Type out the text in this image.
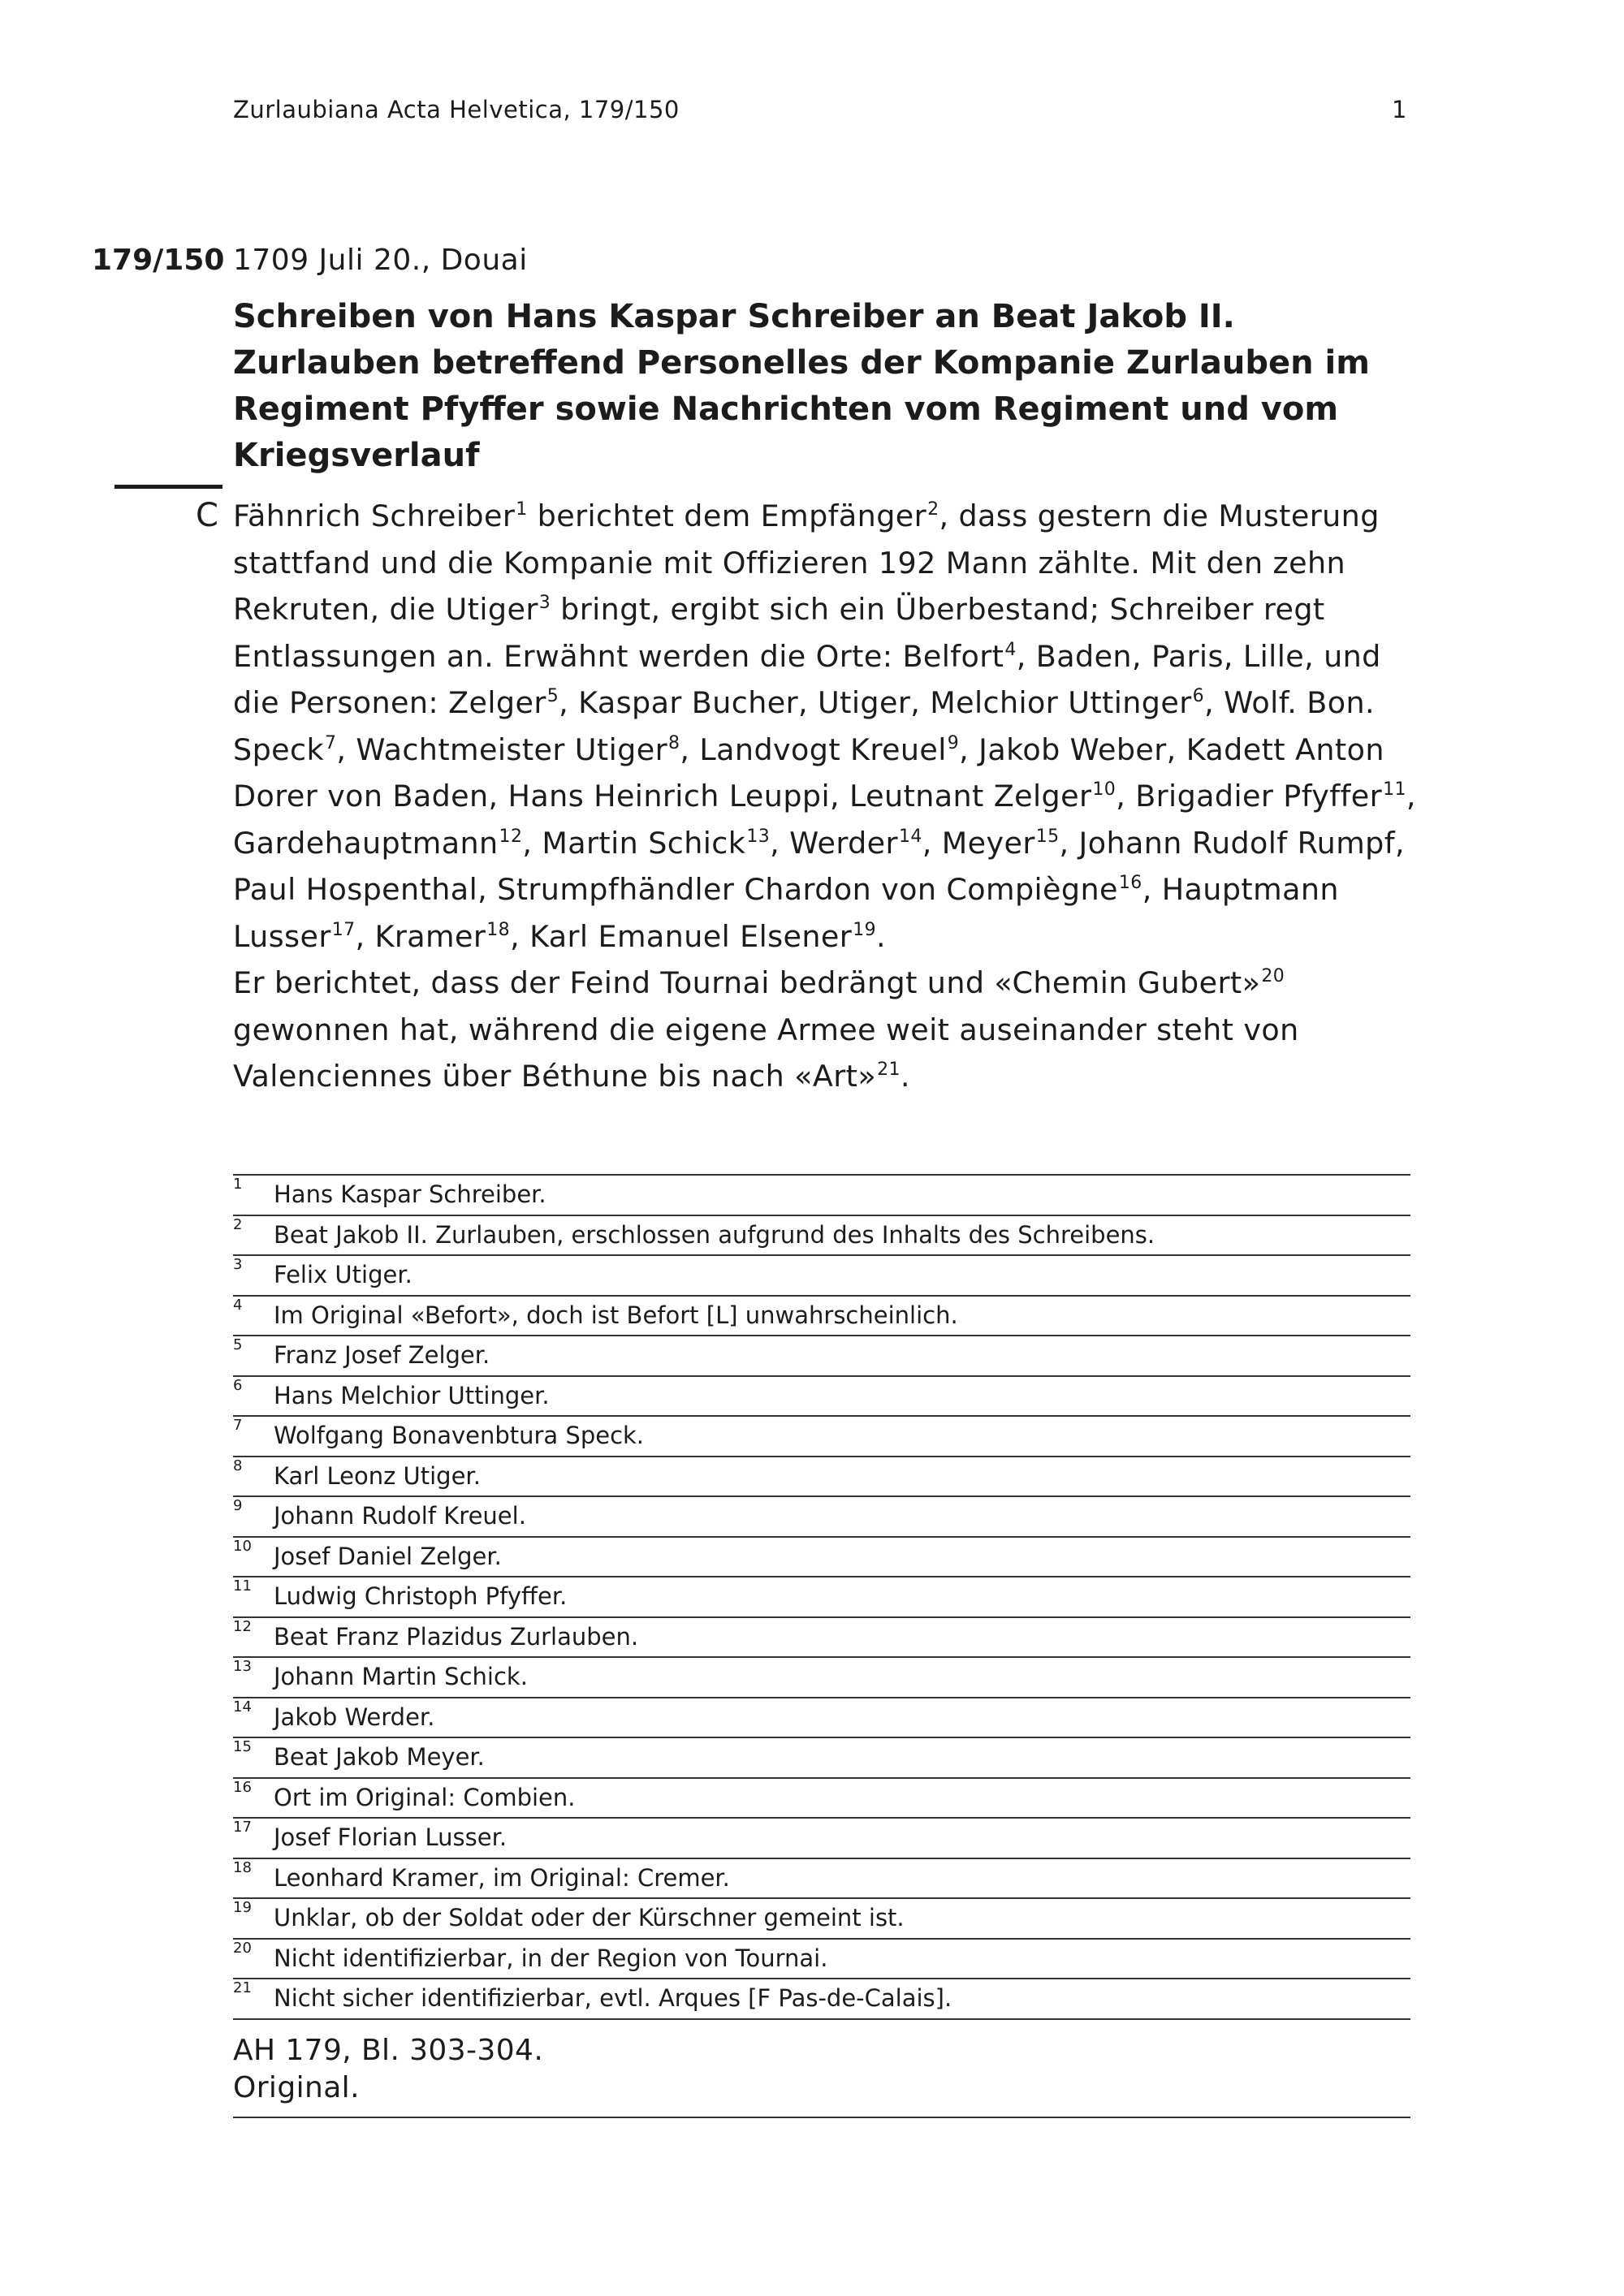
Zurlaubiana Acta Helvetica, 179/150	1
179/150 1709 Juli 20., Douai
Schreiben von Hans Kaspar Schreiber an Beat Jakob II. Zurlauben betreffend Personelles der Kompanie Zurlauben im Regiment Pfyffer sowie Nachrichten vom Regiment und vom Kriegsverlauf
C Fähnrich Schreiber$^1$ berichtet dem Empfänger$^2$, dass gestern die Musterung stattfand und die Kompanie mit Offizieren 192 Mann zählte. Mit den zehn Rekruten, die Utiger$^3$ bringt, ergibt sich ein Überbestand; Schreiber regt Entlassungen an. Erwähnt werden die Orte: Belfort$^4$, Baden, Paris, Lille, und die Personen: Zelger$^5$, Kaspar Bucher, Utiger, Melchior Uttinger$^6$, Wolf. Bon. Speck$^7$, Wachtmeister Utiger$^8$, Landvogt Kreuel$^9$, Jakob Weber, Kadett Anton Dorer von Baden, Hans Heinrich Leuppi, Leutnant Zelger$^{10}$, Brigadier Pfyffer$^{11}$, Gardehauptmann$^{12}$, Martin Schick$^{13}$, Werder$^{14}$, Meyer$^{15}$, Johann Rudolf Rumpf, Paul Hospenthal, Strumpfhändler Chardon von Compiègne$^{16}$, Hauptmann Lusser$^{17}$, Kramer$^{18}$, Karl Emanuel Elsener$^{19}$.

Er berichtet, dass der Feind Tournai bedrängt und «Chemin Gubert»$^{20}$ gewonnen hat, während die eigene Armee weit auseinander steht von Valenciennes über Béthune bis nach «Art»$^{21}$.

1 Hans Kaspar Schreiber.
2 Beat Jakob II. Zurlauben, erschlossen aufgrund des Inhalts des Schreibens.
3 Felix Utiger.
4 Im Original «Befort», doch ist Befort [L] unwahrscheinlich.
5 Franz Josef Zelger.
6 Hans Melchior Uttinger.
7 Wolfgang Bonavenbtura Speck.
8 Karl Leonz Utiger.
9 Johann Rudolf Kreuel.
10 Josef Daniel Zelger.
11 Ludwig Christoph Pfyffer.
12 Beat Franz Plazidus Zurlauben.
13 Johann Martin Schick.
14 Jakob Werder.
15 Beat Jakob Meyer.
16 Ort im Original: Combien.
17 Josef Florian Lusser.
18 Leonhard Kramer, im Original: Cremer.
19 Unklar, ob der Soldat oder der Kürschner gemeint ist.
20 Nicht identifizierbar, in der Region von Tournai.
21 Nicht sicher identifizierbar, evtl. Arques [F Pas-de-Calais].
AH 179, Bl. 303-304.
Original.
